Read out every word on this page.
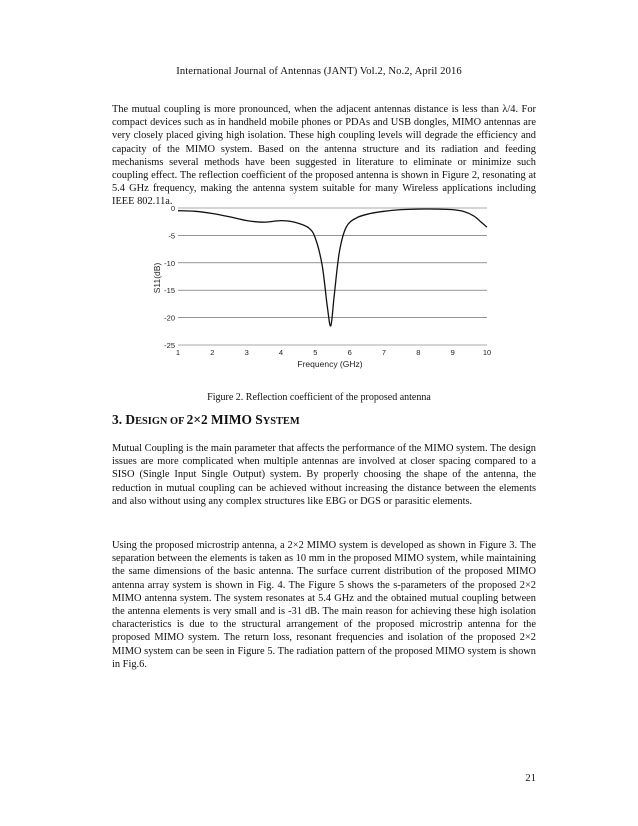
International Journal of Antennas (JANT) Vol.2, No.2, April 2016

The mutual coupling is more pronounced, when the adjacent antennas distance is less than λ/4. For compact devices such as in handheld mobile phones or PDAs and USB dongles, MIMO antennas are very closely placed giving high isolation. These high coupling levels will degrade the efficiency and capacity of the MIMO system. Based on the antenna structure and its radiation and feeding mechanisms several methods have been suggested in literature to eliminate or minimize such coupling effect. The reflection coefficient of the proposed antenna is shown in Figure 2, resonating at 5.4 GHz frequency, making the antenna system suitable for many Wireless applications including IEEE 802.11a.

0
-5
-10
-15
-20
-25
1	2	3	4	5	6	7	8	9	10
Frequency (GHz)
S11(dB)
Figure 2. Reflection coefficient of the proposed antenna
3. DESIGN OF 2×2 MIMO SYSTEM

Mutual Coupling is the main parameter that affects the performance of the MIMO system. The design issues are more complicated when multiple antennas are involved at closer spacing compared to a SISO (Single Input Single Output) system. By properly choosing the shape of the antenna, the reduction in mutual coupling can be achieved without increasing the distance between the elements and also without using any complex structures like EBG or DGS or parasitic elements.

Using the proposed microstrip antenna, a 2×2 MIMO system is developed as shown in Figure 3. The separation between the elements is taken as 10 mm in the proposed MIMO system, while maintaining the same dimensions of the basic antenna. The surface current distribution of the proposed MIMO antenna array system is shown in Fig. 4. The Figure 5 shows the s-parameters of the proposed 2×2 MIMO antenna system. The system resonates at 5.4 GHz and the obtained mutual coupling between the antenna elements is very small and is -31 dB. The main reason for achieving these high isolation characteristics is due to the structural arrangement of the proposed microstrip antenna for the proposed MIMO system. The return loss, resonant frequencies and isolation of the proposed 2×2 MIMO system can be seen in Figure 5. The radiation pattern of the proposed MIMO system is shown in Fig.6.

21
